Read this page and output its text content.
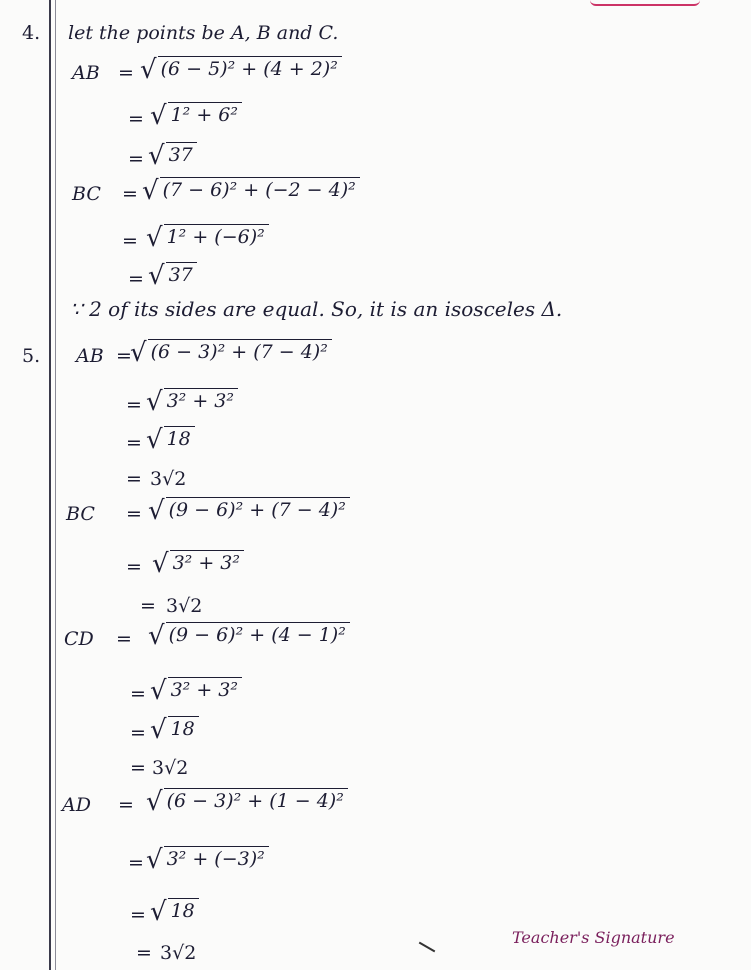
4. let the points be A, B and C.
AB = √ (6 − 5)² + (4 + 2)²
= √ 1² + 6²
= √ 37
BC = √ (7 − 6)² + (−2 − 4)²
= √ 1² + (−6)²
= √ 37
∵ 2 of its sides are equal. So, it is an isosceles Δ.
5. AB =
√ (6 − 3)² + (7 − 4)²
= √ 3² + 3²
= √ 18
= 3√2
BC = √ (9 − 6)² + (7 − 4)²
= √ 3² + 3²
= 3√2
CD = √ (9 − 6)² + (4 − 1)²
= √ 3² + 3²
= √ 18
= 3√2
AD = √ (6 − 3)² + (1 − 4)²
= √ 3² + (−3)²
= √ 18
= 3√2
Teacher's Signature
